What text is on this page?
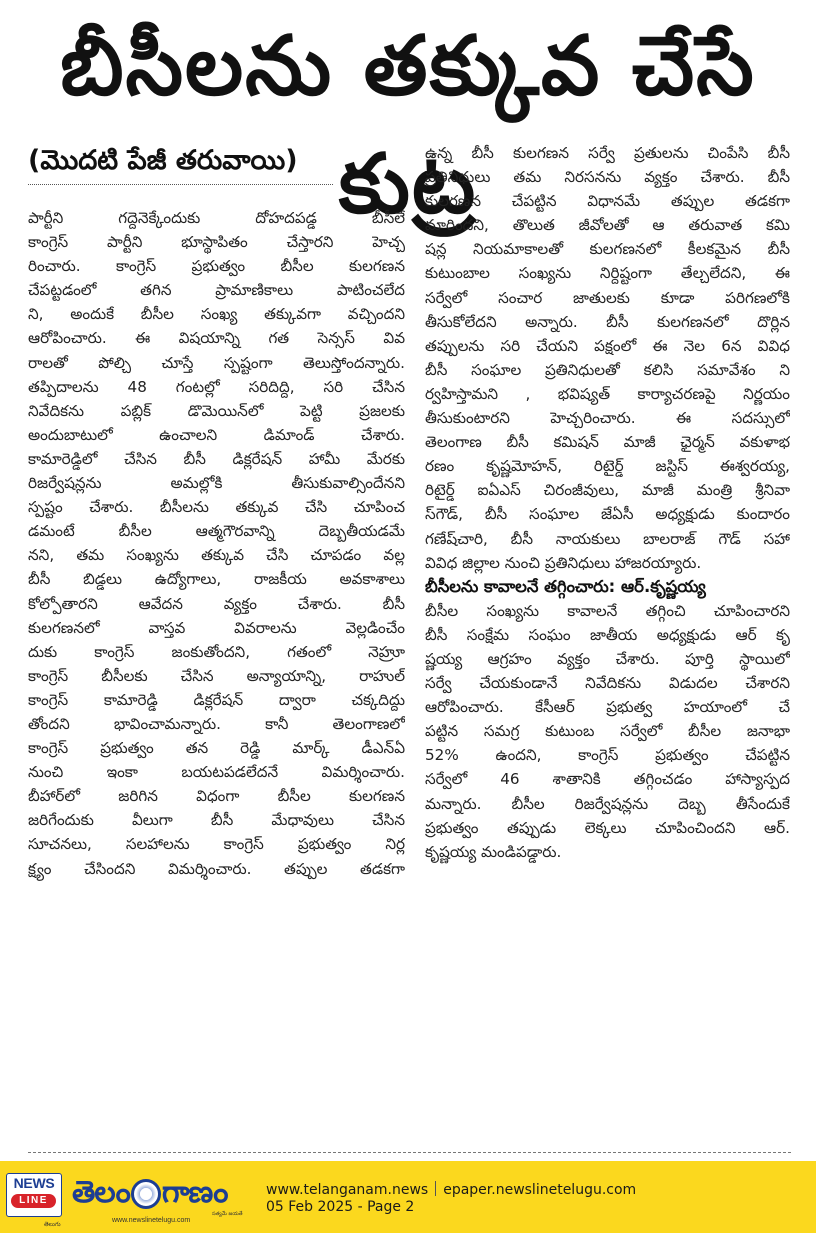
బీసీలను తక్కువ చేసే కుట్ర
(మొదటి పేజీ తరువాయి)
పార్టీని గద్దెనెక్కేందుకు దోహదపడ్డ బీసీలే
కాంగ్రెస్ పార్టీని భూస్థాపితం చేస్తారని హెచ్చ
రించారు. కాంగ్రెస్ ప్రభుత్వం బీసీల కులగణన
చేపట్టడంలో తగిన ప్రామాణికాలు పాటించలేద
ని, అందుకే బీసీల సంఖ్య తక్కువగా వచ్చిందని
ఆరోపించారు. ఈ విషయాన్ని గత సెన్సస్ వివ
రాలతో పోల్చి చూస్తే స్పష్టంగా తెలుస్తోందన్నారు.
తప్పిదాలను 48 గంటల్లో సరిదిద్ది, సరి చేసిన
నివేదికను పబ్లిక్ డొమెయిన్‌లో పెట్టి ప్రజలకు
అందుబాటులో ఉంచాలని డిమాండ్ చేశారు.
కామారెడ్డిలో చేసిన బీసీ డిక్లరేషన్ హామీ మేరకు
రిజర్వేషన్లను అమల్లోకి తీసుకువాల్సిందేనని
స్పష్టం చేశారు. బీసీలను తక్కువ చేసి చూపించ
డమంటే బీసీల ఆత్మగౌరవాన్ని దెబ్బతీయడమే
నని, తమ సంఖ్యను తక్కువ చేసి చూపడం వల్ల
బీసీ బిడ్డలు ఉద్యోగాలు, రాజకీయ అవకాశాలు
కోల్పోతారని ఆవేదన వ్యక్తం చేశారు. బీసీ
కులగణనలో వాస్తవ వివరాలను వెల్లడించేం
దుకు కాంగ్రెస్ జంకుతోందని, గతంలో నెహ్రూ
కాంగ్రెస్ బీసీలకు చేసిన అన్యాయాన్ని, రాహుల్
కాంగ్రెస్ కామారెడ్డి డిక్లరేషన్ ద్వారా చక్కదిద్దు
తోందని భావించామన్నారు. కానీ తెలంగాణలో
కాంగ్రెస్ ప్రభుత్వం తన రెడ్డి మార్క్ డీఎన్ఏ
నుంచి ఇంకా బయటపడలేదనే విమర్శించారు.
బీహార్‌లో జరిగిన విధంగా బీసీల కులగణన
జరిగేందుకు వీలుగా బీసీ మేధావులు చేసిన
సూచనలు, సలహాలను కాంగ్రెస్ ప్రభుత్వం నిర్ల
క్ష్యం చేసిందని విమర్శించారు. తప్పుల తడకగా
ఉన్న బీసీ కులగణన సర్వే ప్రతులను చింపేసి బీసీ
ప్రతినిధులు తమ నిరసనను వ్యక్తం చేశారు. బీసీ
కులగణన చేపట్టిన విధానమే తప్పుల తడకగా
మారిందని, తొలుత జీవోలతో ఆ తరువాత కమి
షన్ల నియమాకాలతో కులగణనలో కీలకమైన బీసీ
కుటుంబాల సంఖ్యను నిర్దిష్టంగా తేల్చలేదని, ఈ
సర్వేలో సంచార జాతులకు కూడా పరిగణలోకి
తీసుకోలేదని అన్నారు. బీసీ కులగణనలో దొర్లిన
తప్పులను సరి చేయని పక్షంలో ఈ నెల 6న వివిధ
బీసీ సంఘాల ప్రతినిధులతో కలిసి సమావేశం ని
ర్వహిస్తామని , భవిష్యత్ కార్యాచరణపై నిర్ణయం
తీసుకుంటారని హెచ్చరించారు. ఈ సదస్సులో
తెలంగాణ బీసీ కమిషన్ మాజీ ఛైర్మన్ వకుళాభ
రణం కృష్ణమోహన్, రిటైర్డ్ జస్టిస్ ఈశ్వరయ్య,
రిటైర్డ్ ఐఏఎస్ చిరంజీవులు, మాజీ మంత్రి శ్రీనివా
స్‌గౌడ్, బీసీ సంఘాల జేఏసీ అధ్యక్షుడు కుందారం
గణేష్‌చారి, బీసీ నాయకులు బాలరాజ్ గౌడ్ సహా
వివిధ జిల్లాల నుంచి ప్రతినిధులు హాజరయ్యారు.
బీసీలను కావాలనే తగ్గించారు: ఆర్.కృష్ణయ్య
బీసీల సంఖ్యను కావాలనే తగ్గించి చూపించారని
బీసీ సంక్షేమ సంఘం జాతీయ అధ్యక్షుడు ఆర్ కృ
ష్ణయ్య ఆగ్రహం వ్యక్తం చేశారు. పూర్తి స్థాయిలో
సర్వే చేయకుండానే నివేదికను విడుదల చేశారని
ఆరోపించారు. కేసీఆర్ ప్రభుత్వ హయాంలో చే
పట్టిన సమగ్ర కుటుంబ సర్వేలో బీసీల జనాభా
52% ఉందని, కాంగ్రెస్ ప్రభుత్వం చేపట్టిన
సర్వేలో 46 శాతానికి తగ్గించడం హాస్యాస్పద
మన్నారు. బీసీల రిజర్వేషన్లను దెబ్బ తీసేందుకే
ప్రభుత్వం తప్పుడు లెక్కలు చూపించిందని ఆర్.
కృష్ణయ్య మండిపడ్డారు.
NEWS
LINE
తెలుగు
తెలం గాణం
సత్యమే జయతే
www.newslinetelugu.com
www.telanganam.news epaper.newslinetelugu.com
05 Feb 2025 - Page 2
